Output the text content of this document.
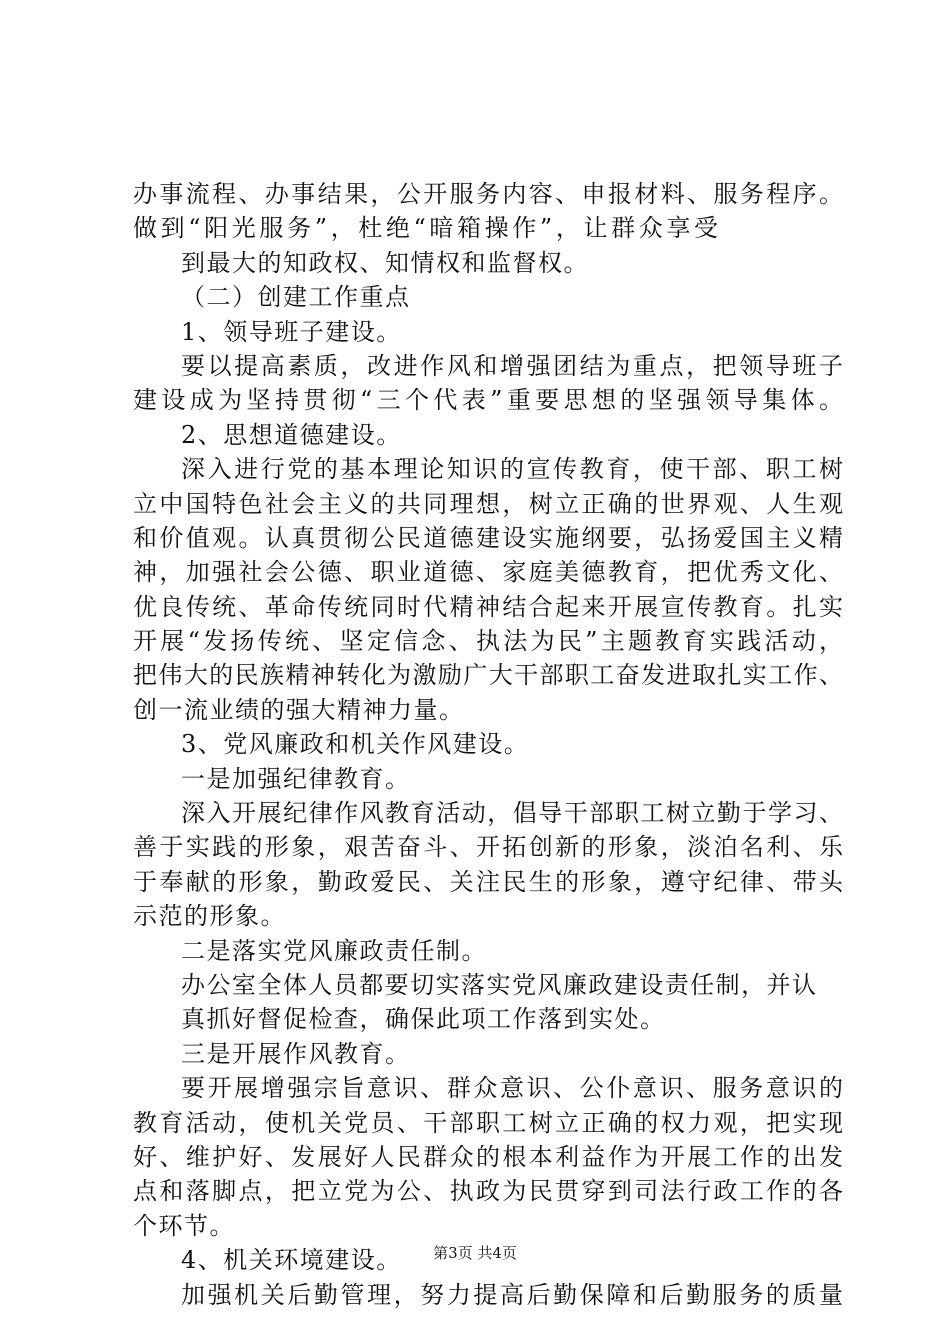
办事流程、办事结果，公开服务内容、申报材料、服务程序。
做到“阳光服务”，杜绝“暗箱操作”，让群众享受
到最大的知政权、知情权和监督权。
（二）创建工作重点
1、领导班子建设。
要以提高素质，改进作风和增强团结为重点，把领导班子
建设成为坚持贯彻“三个代表”重要思想的坚强领导集体。
2、思想道德建设。
深入进行党的基本理论知识的宣传教育，使干部、职工树
立中国特色社会主义的共同理想，树立正确的世界观、人生观
和价值观。认真贯彻公民道德建设实施纲要，弘扬爱国主义精
神，加强社会公德、职业道德、家庭美德教育，把优秀文化、
优良传统、革命传统同时代精神结合起来开展宣传教育。扎实
开展“发扬传统、坚定信念、执法为民”主题教育实践活动，
把伟大的民族精神转化为激励广大干部职工奋发进取扎实工作、
创一流业绩的强大精神力量。
3、党风廉政和机关作风建设。
一是加强纪律教育。
深入开展纪律作风教育活动，倡导干部职工树立勤于学习、
善于实践的形象，艰苦奋斗、开拓创新的形象，淡泊名利、乐
于奉献的形象，勤政爱民、关注民生的形象，遵守纪律、带头
示范的形象。
二是落实党风廉政责任制。
办公室全体人员都要切实落实党风廉政建设责任制，并认
真抓好督促检查，确保此项工作落到实处。
三是开展作风教育。
要开展增强宗旨意识、群众意识、公仆意识、服务意识的
教育活动，使机关党员、干部职工树立正确的权力观，把实现
好、维护好、发展好人民群众的根本利益作为开展工作的出发
点和落脚点，把立党为公、执政为民贯穿到司法行政工作的各
个环节。
4、机关环境建设。
加强机关后勤管理，努力提高后勤保障和后勤服务的质量
第3页 共4页
